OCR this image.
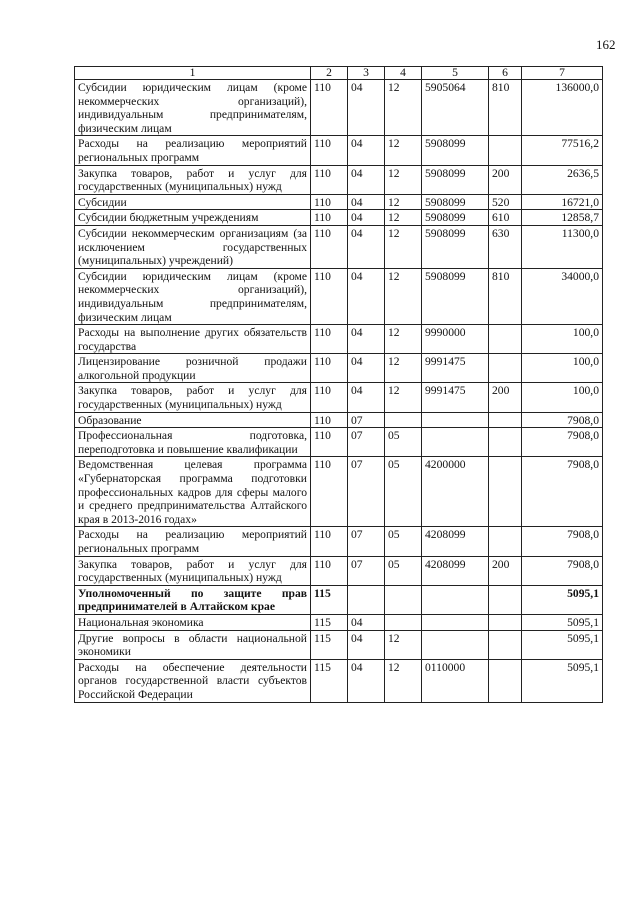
162
1	2	3	4	5	6	7
Субсидии юридическим лицам (кроме некоммерческих организаций), индивидуальным предпринимателям, физическим лицам	110	04	12	5905064	810	136000,0
Расходы на реализацию мероприятий региональных программ	110	04	12	5908099		77516,2
Закупка товаров, работ и услуг для государственных (муниципальных) нужд	110	04	12	5908099	200	2636,5
Субсидии	110	04	12	5908099	520	16721,0
Субсидии бюджетным учреждениям	110	04	12	5908099	610	12858,7
Субсидии некоммерческим организациям (за исключением государственных (муниципальных) учреждений)	110	04	12	5908099	630	11300,0
Субсидии юридическим лицам (кроме некоммерческих организаций), индивидуальным предпринимателям, физическим лицам	110	04	12	5908099	810	34000,0
Расходы на выполнение других обязательств государства	110	04	12	9990000		100,0
Лицензирование розничной продажи алкогольной продукции	110	04	12	9991475		100,0
Закупка товаров, работ и услуг для государственных (муниципальных) нужд	110	04	12	9991475	200	100,0
Образование	110	07				7908,0
Профессиональная подготовка, переподготовка и повышение квалификации	110	07	05			7908,0
Ведомственная целевая программа «Губернаторская программа подготовки профессиональных кадров для сферы малого и среднего предпринимательства Алтайского края в 2013-2016 годах»	110	07	05	4200000		7908,0
Расходы на реализацию мероприятий региональных программ	110	07	05	4208099		7908,0
Закупка товаров, работ и услуг для государственных (муниципальных) нужд	110	07	05	4208099	200	7908,0
Уполномоченный по защите прав предпринимателей в Алтайском крае	115					5095,1
Национальная экономика	115	04				5095,1
Другие вопросы в области национальной экономики	115	04	12			5095,1
Расходы на обеспечение деятельности органов государственной власти субъектов Российской Федерации	115	04	12	0110000		5095,1
